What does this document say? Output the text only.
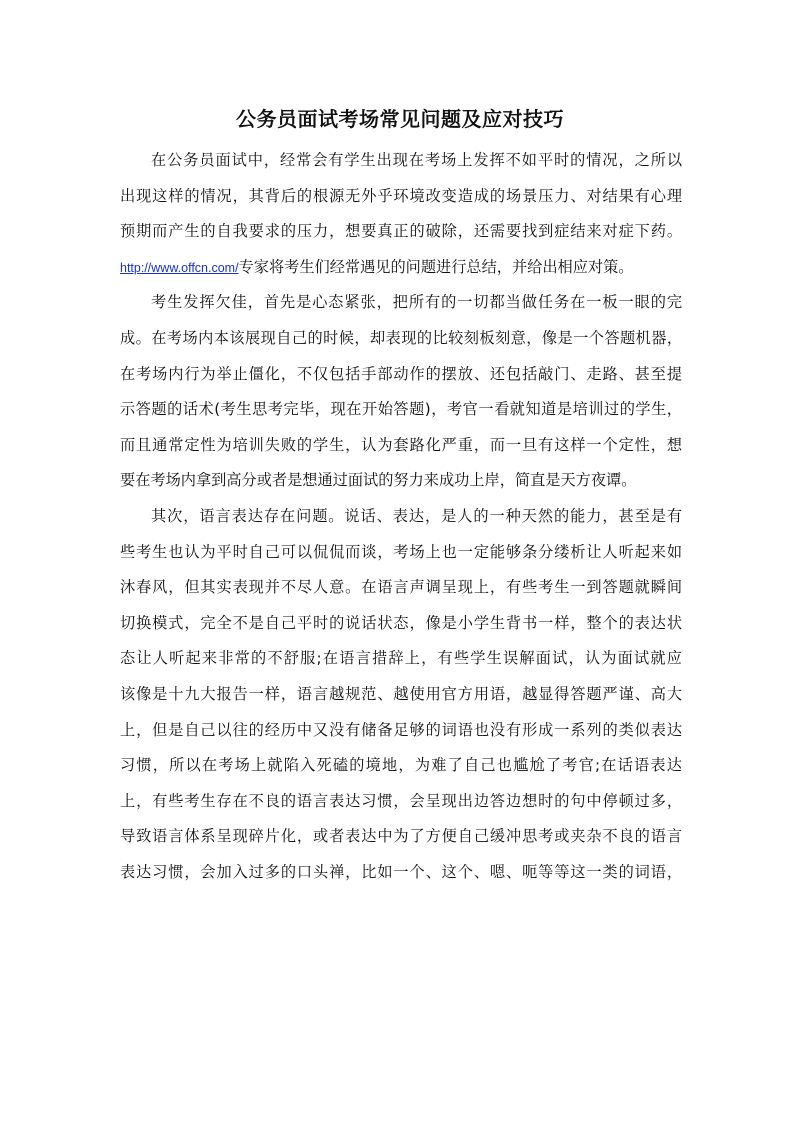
公务员面试考场常见问题及应对技巧
在公务员面试中，经常会有学生出现在考场上发挥不如平时的情况，之所以
出现这样的情况，其背后的根源无外乎环境改变造成的场景压力、对结果有心理
预期而产生的自我要求的压力，想要真正的破除，还需要找到症结来对症下药。
http://www.offcn.com/专家将考生们经常遇见的问题进行总结，并给出相应对策。
考生发挥欠佳，首先是心态紧张，把所有的一切都当做任务在一板一眼的完
成。在考场内本该展现自己的时候，却表现的比较刻板刻意，像是一个答题机器，
在考场内行为举止僵化，不仅包括手部动作的摆放、还包括敲门、走路、甚至提
示答题的话术(考生思考完毕，现在开始答题)，考官一看就知道是培训过的学生，
而且通常定性为培训失败的学生，认为套路化严重，而一旦有这样一个定性，想
要在考场内拿到高分或者是想通过面试的努力来成功上岸，简直是天方夜谭。
其次，语言表达存在问题。说话、表达，是人的一种天然的能力，甚至是有
些考生也认为平时自己可以侃侃而谈，考场上也一定能够条分缕析让人听起来如
沐春风，但其实表现并不尽人意。在语言声调呈现上，有些考生一到答题就瞬间
切换模式，完全不是自己平时的说话状态，像是小学生背书一样，整个的表达状
态让人听起来非常的不舒服;在语言措辞上，有些学生误解面试，认为面试就应
该像是十九大报告一样，语言越规范、越使用官方用语，越显得答题严谨、高大
上，但是自己以往的经历中又没有储备足够的词语也没有形成一系列的类似表达
习惯，所以在考场上就陷入死磕的境地，为难了自己也尴尬了考官;在话语表达
上，有些考生存在不良的语言表达习惯，会呈现出边答边想时的句中停顿过多，
导致语言体系呈现碎片化，或者表达中为了方便自己缓冲思考或夹杂不良的语言
表达习惯，会加入过多的口头禅，比如一个、这个、嗯、呃等等这一类的词语，
